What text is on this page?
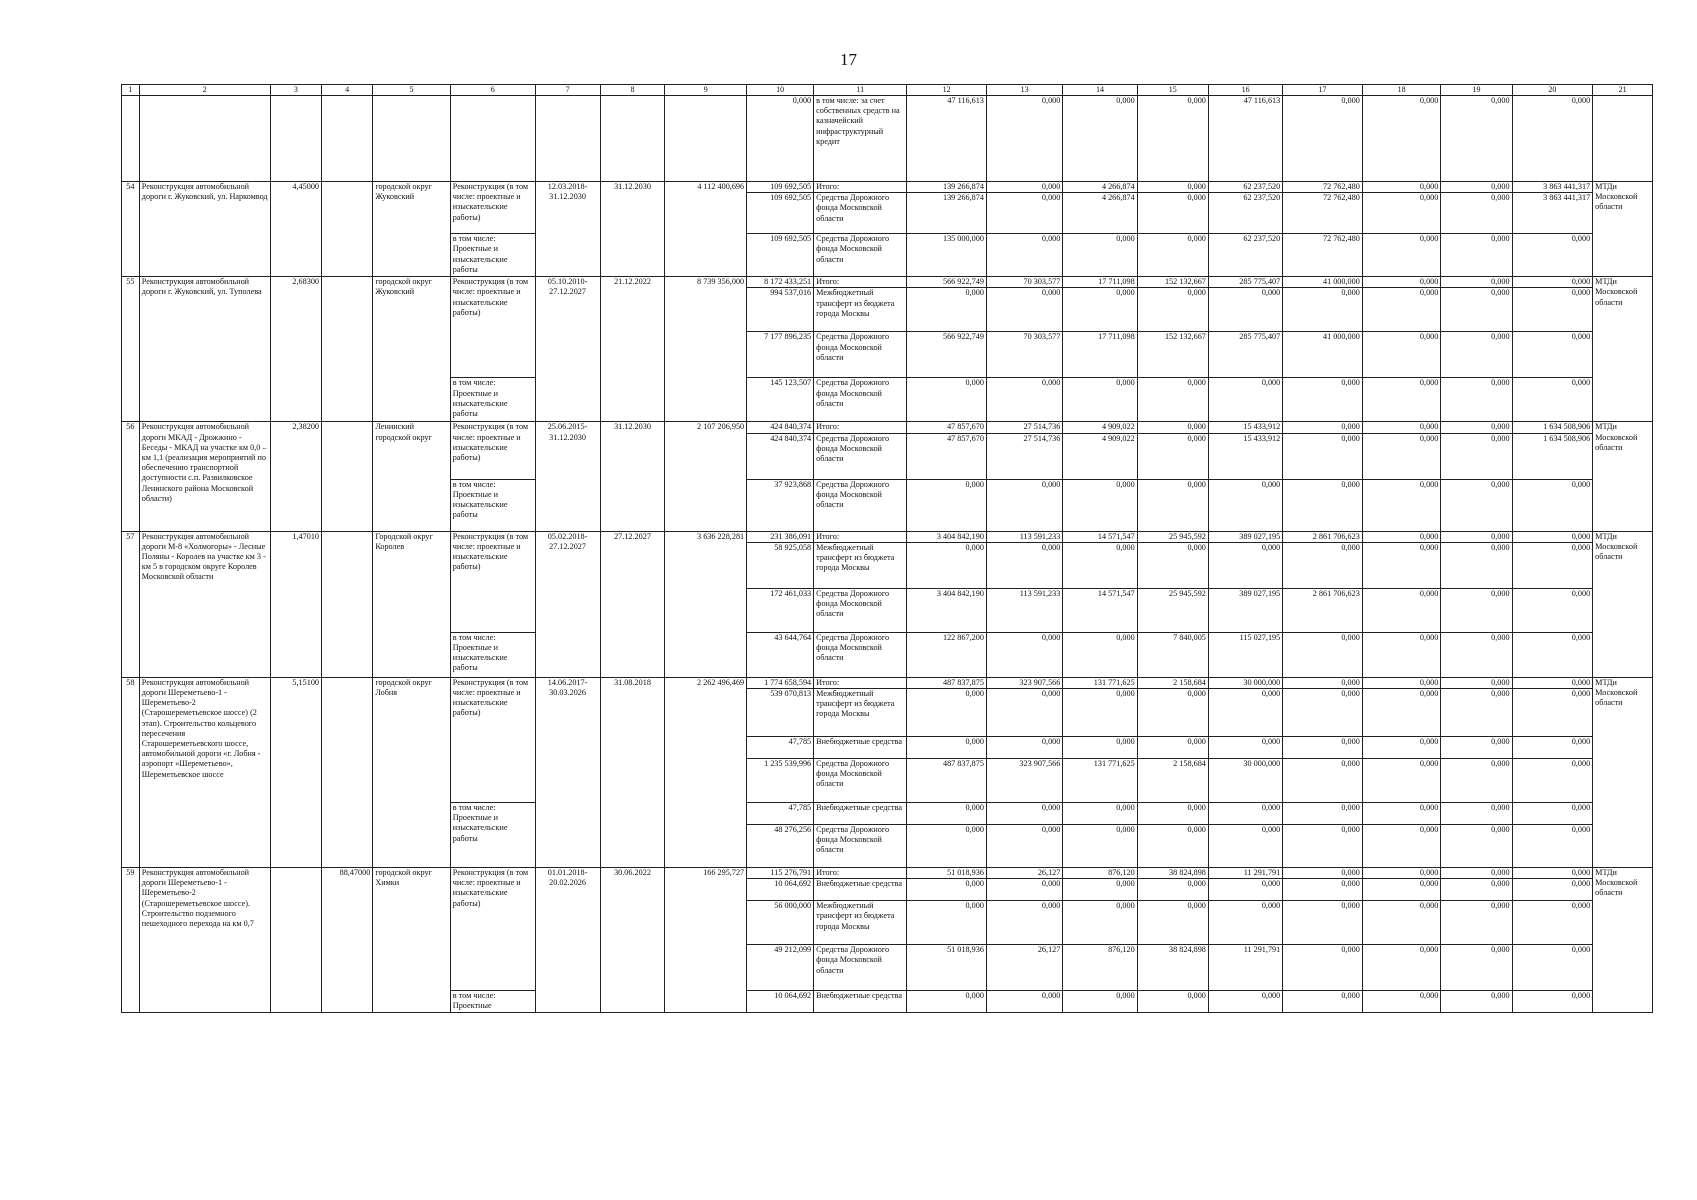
17
1	2	3	4	5	6	7	8	9	10	11	12	13	14	15	16	17	18	19	20	21
									0,000	в том числе: за счет собственных средств на казначейский инфраструктурный кредит	47 116,613	0,000	0,000	0,000	47 116,613	0,000	0,000	0,000	0,000	
54	Реконструкция автомобильной дороги г. Жуковский, ул. Наркомвод	4,45000		городской округ Жуковский	Реконструкция (в том числе: проектные и изыскательские работы)	12.03.2018-31.12.2030	31.12.2030	4 112 400,696	109 692,505	Итого:	139 266,874	0,000	4 266,874	0,000	62 237,520	72 762,480	0,000	0,000	3 863 441,317	МТДи Московской области
									109 692,505	Средства Дорожного фонда Московской области	139 266,874	0,000	4 266,874	0,000	62 237,520	72 762,480	0,000	0,000	3 863 441,317	
					в том числе: Проектные и изыскательские работы				109 692,505	Средства Дорожного фонда Московской области	135 000,000	0,000	0,000	0,000	62 237,520	72 762,480	0,000	0,000	0,000	
55	Реконструкция автомобильной дороги г. Жуковский, ул. Туполева	2,68300		городской округ Жуковский	Реконструкция (в том числе: проектные и изыскательские работы)	05.10.2010-27.12.2027	21.12.2022	8 739 356,000	8 172 433,251	Итого:	566 922,749	70 303,577	17 711,098	152 132,667	285 775,407	41 000,000	0,000	0,000	0,000	МТДи Московской области
									994 537,016	Межбюджетный трансферт из бюджета города Москвы	0,000	0,000	0,000	0,000	0,000	0,000	0,000	0,000	0,000	
									7 177 896,235	Средства Дорожного фонда Московской области	566 922,749	70 303,577	17 711,098	152 132,667	285 775,407	41 000,000	0,000	0,000	0,000	
					в том числе: Проектные и изыскательские работы				145 123,507	Средства Дорожного фонда Московской области	0,000	0,000	0,000	0,000	0,000	0,000	0,000	0,000	0,000	
56	Реконструкция автомобильной дороги МКАД - Дрожжино - Беседы - МКАД на участке км 0,0 – км 1,1 (реализация мероприятий по обеспечению транспортной доступности с.п. Развилковское Ленинского района Московской области)	2,38200		Ленинский городской округ	Реконструкция (в том числе: проектные и изыскательские работы)	25.06.2015-31.12.2030	31.12.2030	2 107 206,950	424 840,374	Итого:	47 857,670	27 514,736	4 909,022	0,000	15 433,912	0,000	0,000	0,000	1 634 508,906	МТДи Московской области
									424 840,374	Средства Дорожного фонда Московской области	47 857,670	27 514,736	4 909,022	0,000	15 433,912	0,000	0,000	0,000	1 634 508,906	
					в том числе: Проектные и изыскательские работы				37 923,868	Средства Дорожного фонда Московской области	0,000	0,000	0,000	0,000	0,000	0,000	0,000	0,000	0,000	
57	Реконструкция автомобильной дороги М-8 «Холмогоры» - Лесные Поляны - Королев на участке км 3 - км 5 в городском округе Королев Московской области	1,47010		Городской округ Королев	Реконструкция (в том числе: проектные и изыскательские работы)	05.02.2018-27.12.2027	27.12.2027	3 636 228,281	231 386,091	Итого:	3 404 842,190	113 591,233	14 571,547	25 945,592	389 027,195	2 861 706,623	0,000	0,000	0,000	МТДи Московской области
									58 925,058	Межбюджетный трансферт из бюджета города Москвы	0,000	0,000	0,000	0,000	0,000	0,000	0,000	0,000	0,000	
									172 461,033	Средства Дорожного фонда Московской области	3 404 842,190	113 591,233	14 571,547	25 945,592	389 027,195	2 861 706,623	0,000	0,000	0,000	
					в том числе: Проектные и изыскательские работы				43 644,764	Средства Дорожного фонда Московской области	122 867,200	0,000	0,000	7 840,005	115 027,195	0,000	0,000	0,000	0,000	
58	Реконструкция автомобильной дороги Шереметьево-1 - Шереметьево-2 (Старошереметьевское шоссе) (2 этап). Строительство кольцевого пересечения Старошереметьевского шоссе, автомобильной дороги «г. Лобня - аэропорт «Шереметьево», Шереметьевское шоссе	5,15100		городской округ Лобня	Реконструкция (в том числе: проектные и изыскательские работы)	14.06.2017-30.03.2026	31.08.2018	2 262 496,469	1 774 658,594	Итого:	487 837,875	323 907,566	131 771,625	2 158,684	30 000,000	0,000	0,000	0,000	0,000	МТДи Московской области
									539 070,813	Межбюджетный трансферт из бюджета города Москвы	0,000	0,000	0,000	0,000	0,000	0,000	0,000	0,000	0,000	
									47,785	Внебюджетные средства	0,000	0,000	0,000	0,000	0,000	0,000	0,000	0,000	0,000	
									1 235 539,996	Средства Дорожного фонда Московской области	487 837,875	323 907,566	131 771,625	2 158,684	30 000,000	0,000	0,000	0,000	0,000	
					в том числе: Проектные и изыскательские работы				47,785	Внебюджетные средства	0,000	0,000	0,000	0,000	0,000	0,000	0,000	0,000	0,000	
									48 276,256	Средства Дорожного фонда Московской области	0,000	0,000	0,000	0,000	0,000	0,000	0,000	0,000	0,000	
59	Реконструкция автомобильной дороги Шереметьево-1 - Шереметьево-2 (Старошереметьевское шоссе). Строительство подземного пешеходного перехода на км 0,7		88,47000	городской округ Химки	Реконструкция (в том числе: проектные и изыскательские работы)	01.01.2018-20.02.2026	30.06.2022	166 295,727	115 276,791	Итого:	51 018,936	26,127	876,120	38 824,898	11 291,791	0,000	0,000	0,000	0,000	МТДи Московской области
									10 064,692	Внебюджетные средства	0,000	0,000	0,000	0,000	0,000	0,000	0,000	0,000	0,000	
									56 000,000	Межбюджетный трансферт из бюджета города Москвы	0,000	0,000	0,000	0,000	0,000	0,000	0,000	0,000	0,000	
									49 212,099	Средства Дорожного фонда Московской области	51 018,936	26,127	876,120	38 824,898	11 291,791	0,000	0,000	0,000	0,000	
					в том числе: Проектные				10 064,692	Внебюджетные средства	0,000	0,000	0,000	0,000	0,000	0,000	0,000	0,000	0,000	
